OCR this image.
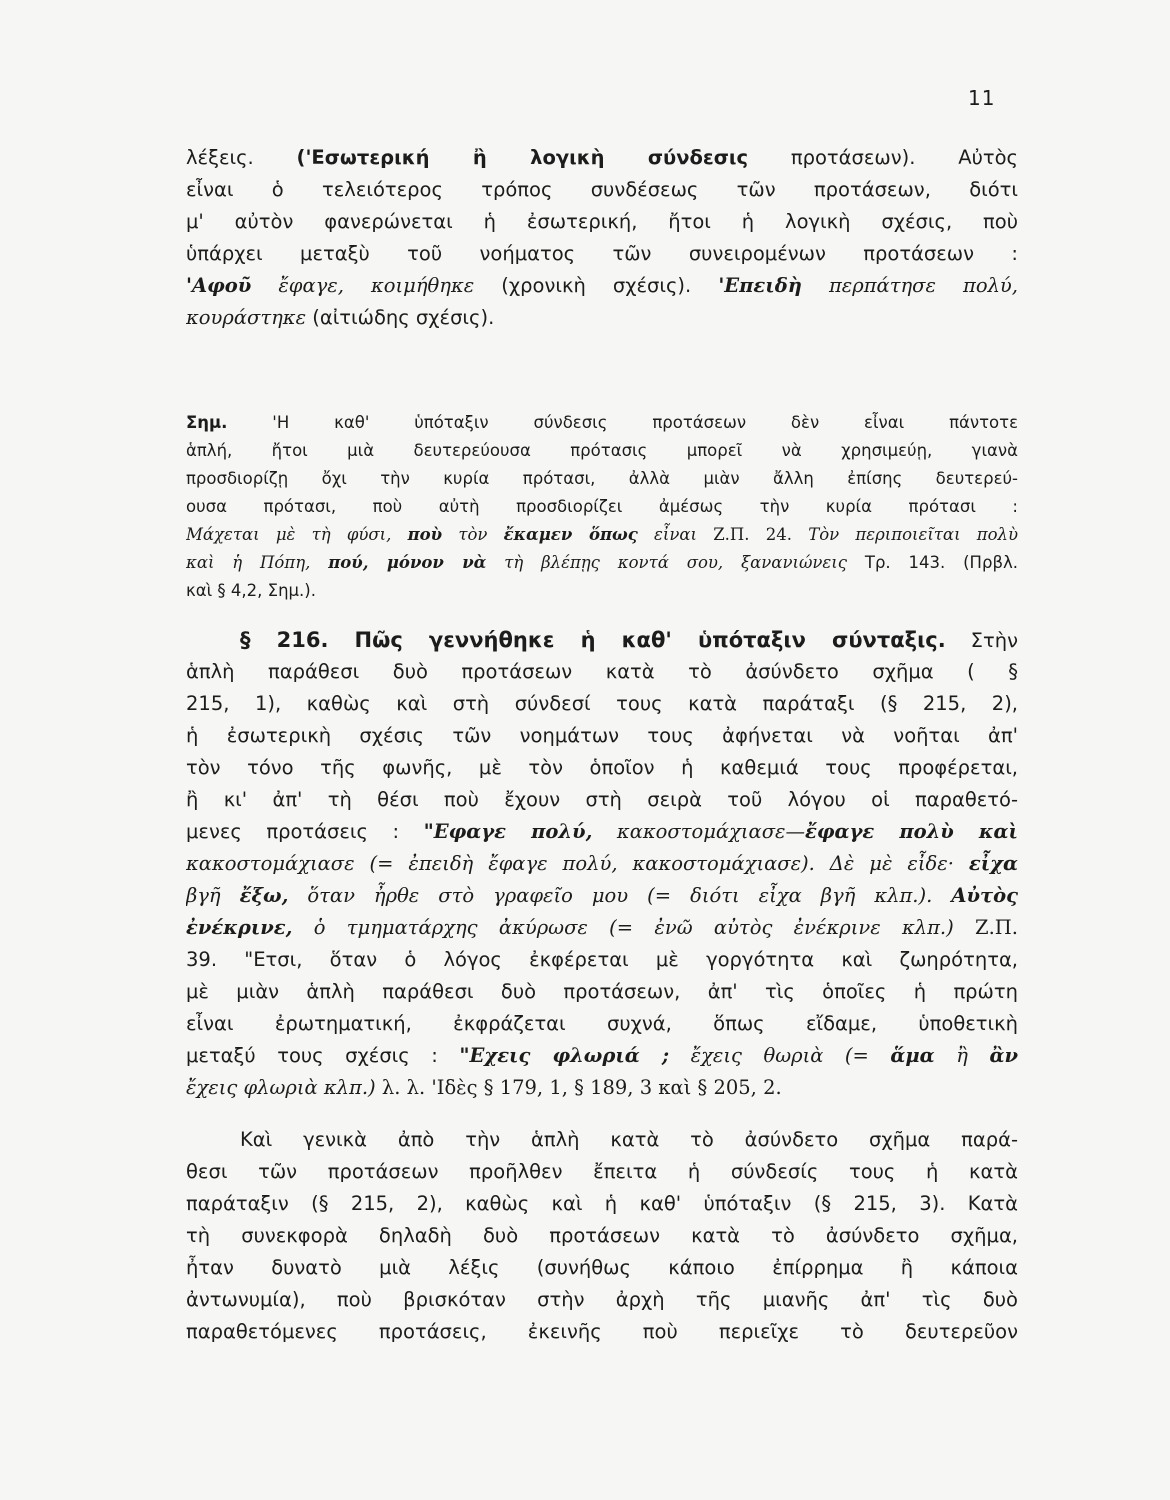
11
λέξεις. ('Εσωτερική ἢ λογικὴ σύνδεσις προτάσεων). Αὐτὸς
εἶναι ὁ τελειότερος τρόπος συνδέσεως τῶν προτάσεων, διότι
μ' αὐτὸν φανερώνεται ἡ ἐσωτερική, ἤτοι ἡ λογικὴ σχέσις, ποὺ
ὑπάρχει μεταξὺ τοῦ νοήματος τῶν συνειρομένων προτάσεων :
'Αφοῦ ἔφαγε, κοιμήθηκε (χρονικὴ σχέσις). 'Επειδὴ περπάτησε πολύ,
κουράστηκε (αἰτιώδης σχέσις).
Σημ. 'Η καθ' ὑπόταξιν σύνδεσις προτάσεων δὲν εἶναι πάντοτε
ἁπλή, ἤτοι μιὰ δευτερεύουσα πρότασις μπορεῖ νὰ χρησιμεύῃ, γιανὰ
προσδιορίζῃ ὄχι τὴν κυρία πρότασι, ἀλλὰ μιὰν ἄλλη ἐπίσης δευτερεύ-
ουσα πρότασι, ποὺ αὐτὴ προσδιορίζει ἀμέσως τὴν κυρία πρότασι :
Μάχεται μὲ τὴ φύσι, ποὺ τὸν ἔκαμεν ὅπως εἶναι Ζ.Π. 24. Τὸν περιποιεῖται πολὺ
καὶ ἡ Πόπη, πού, μόνον νὰ τὴ βλέπῃς κοντά σου, ξανανιώνεις Τρ. 143. (Πρβλ.
καὶ § 4,2, Σημ.).
§ 216. Πῶς γεννήθηκε ἡ καθ' ὑπόταξιν σύνταξις. Στὴν
ἁπλὴ παράθεσι δυὸ προτάσεων κατὰ τὸ ἀσύνδετο σχῆμα ( §
215, 1), καθὼς καὶ στὴ σύνδεσί τους κατὰ παράταξι (§ 215, 2),
ἡ ἐσωτερικὴ σχέσις τῶν νοημάτων τους ἀφήνεται νὰ νοῆται ἀπ'
τὸν τόνο τῆς φωνῆς, μὲ τὸν ὁποῖον ἡ καθεμιά τους προφέρεται,
ἢ κι' ἀπ' τὴ θέσι ποὺ ἔχουν στὴ σειρὰ τοῦ λόγου οἱ παραθετό-
μενες προτάσεις : "Εφαγε πολύ, κακοστομάχιασε—ἔφαγε πολὺ καὶ
κακοστομάχιασε (= ἐπειδὴ ἔφαγε πολύ, κακοστομάχιασε). Δὲ μὲ εἶδε· εἶχα
βγῆ ἔξω, ὅταν ἦρθε στὸ γραφεῖο μου (= διότι εἶχα βγῆ κλπ.). Αὐτὸς
ἐνέκρινε, ὁ τμηματάρχης ἀκύρωσε (= ἐνῶ αὐτὸς ἐνέκρινε κλπ.) Ζ.Π.
39. "Ετσι, ὅταν ὁ λόγος ἐκφέρεται μὲ γοργότητα καὶ ζωηρότητα,
μὲ μιὰν ἁπλὴ παράθεσι δυὸ προτάσεων, ἀπ' τὶς ὁποῖες ἡ πρώτη
εἶναι ἐρωτηματική, ἐκφράζεται συχνά, ὅπως εἴδαμε, ὑποθετικὴ
μεταξύ τους σχέσις : "Εχεις φλωριά ; ἔχεις θωριὰ (= ἅμα ἢ ἂν
ἔχεις φλωριὰ κλπ.) λ. λ. 'Ιδὲς § 179, 1, § 189, 3 καὶ § 205, 2.
Καὶ γενικὰ ἀπὸ τὴν ἁπλὴ κατὰ τὸ ἀσύνδετο σχῆμα παρά-
θεσι τῶν προτάσεων προῆλθεν ἔπειτα ἡ σύνδεσίς τους ἡ κατὰ
παράταξιν (§ 215, 2), καθὼς καὶ ἡ καθ' ὑπόταξιν (§ 215, 3). Κατὰ
τὴ συνεκφορὰ δηλαδὴ δυὸ προτάσεων κατὰ τὸ ἀσύνδετο σχῆμα,
ἦταν δυνατὸ μιὰ λέξις (συνήθως κάποιο ἐπίρρημα ἢ κάποια
ἀντωνυμία), ποὺ βρισκόταν στὴν ἀρχὴ τῆς μιανῆς ἀπ' τὶς δυὸ
παραθετόμενες προτάσεις, ἐκεινῆς ποὺ περιεῖχε τὸ δευτερεῦον
